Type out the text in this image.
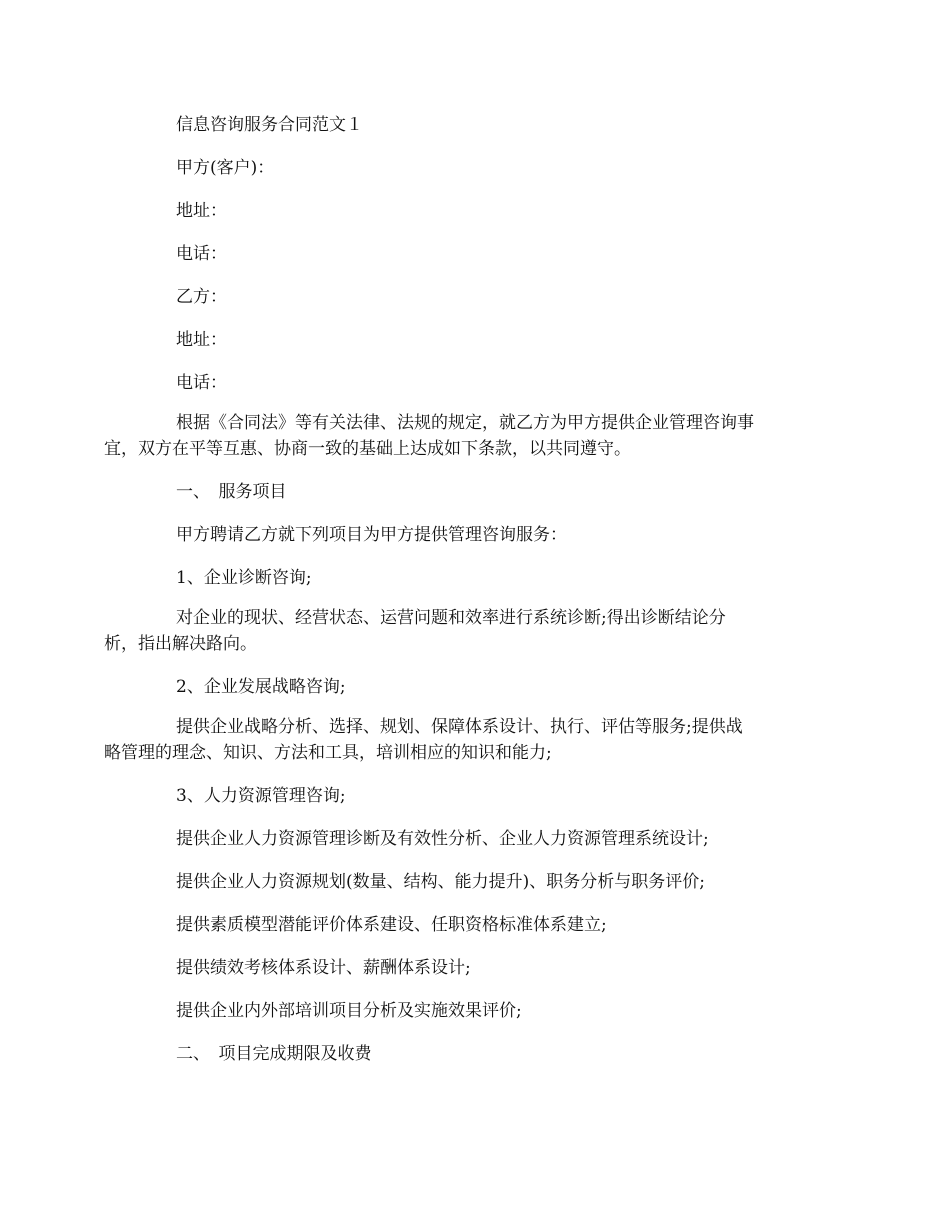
信息咨询服务合同范文１

甲方(客户)：

地址：

电话：

乙方：

地址：

电话：

根据《合同法》等有关法律、法规的规定，就乙方为甲方提供企业管理咨询事
宜，双方在平等互惠、协商一致的基础上达成如下条款，以共同遵守。

一、　服务项目

甲方聘请乙方就下列项目为甲方提供管理咨询服务：

1、企业诊断咨询;

对企业的现状、经营状态、运营问题和效率进行系统诊断;得出诊断结论分
析，指出解决路向。

2、企业发展战略咨询;

提供企业战略分析、选择、规划、保障体系设计、执行、评估等服务;提供战
略管理的理念、知识、方法和工具，培训相应的知识和能力;

3、人力资源管理咨询;

提供企业人力资源管理诊断及有效性分析、企业人力资源管理系统设计;

提供企业人力资源规划(数量、结构、能力提升)、职务分析与职务评价;

提供素质模型潜能评价体系建设、任职资格标准体系建立;

提供绩效考核体系设计、薪酬体系设计;

提供企业内外部培训项目分析及实施效果评价;

二、　项目完成期限及收费
